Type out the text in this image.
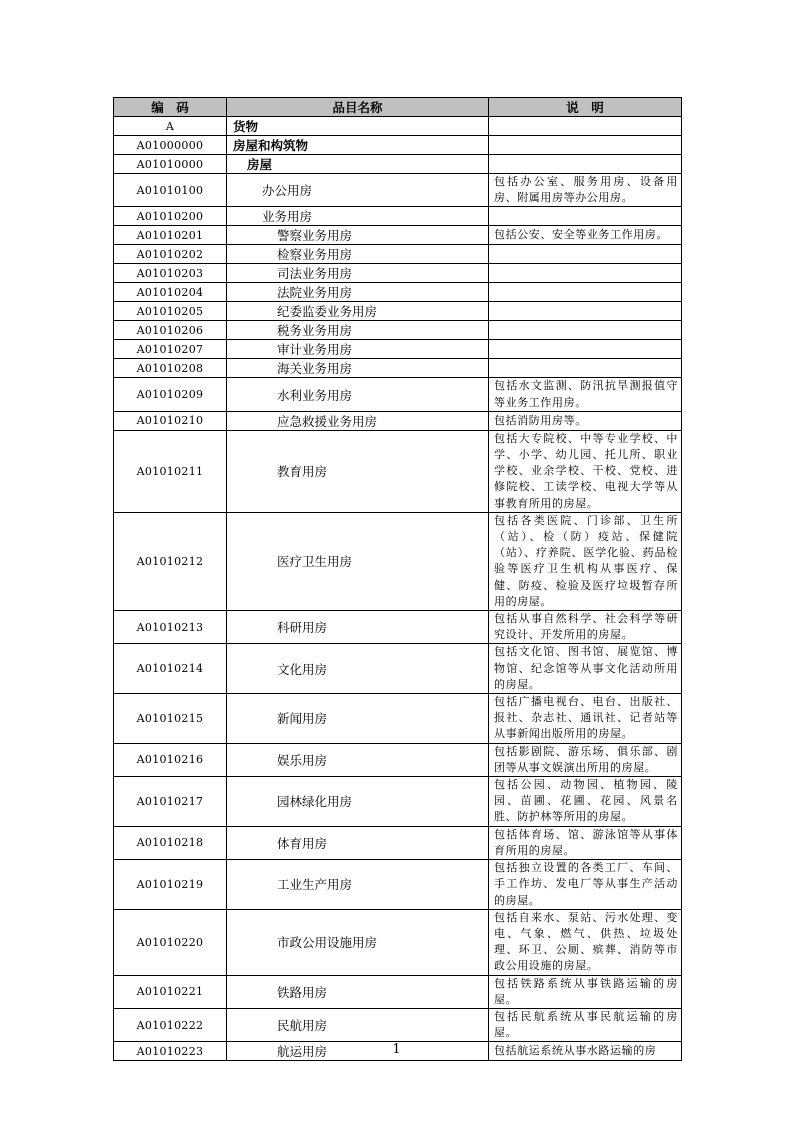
编　码	品目名称	说　明
A	货物	
A01000000	房屋和构筑物	
A01010000	房屋	
A01010100	办公用房	包括办公室、服务用房、设备用房、附属用房等办公用房。
A01010200	业务用房	
A01010201	警察业务用房	包括公安、安全等业务工作用房。
A01010202	检察业务用房	
A01010203	司法业务用房	
A01010204	法院业务用房	
A01010205	纪委监委业务用房	
A01010206	税务业务用房	
A01010207	审计业务用房	
A01010208	海关业务用房	
A01010209	水利业务用房	包括水文监测、防汛抗旱测报值守等业务工作用房。
A01010210	应急救援业务用房	包括消防用房等。
A01010211	教育用房	包括大专院校、中等专业学校、中学、小学、幼儿园、托儿所、职业学校、业余学校、干校、党校、进修院校、工读学校、电视大学等从事教育所用的房屋。
A01010212	医疗卫生用房	包括各类医院、门诊部、卫生所（站）、检（防）疫站、保健院（站）、疗养院、医学化验、药品检验等医疗卫生机构从事医疗、保健、防疫、检验及医疗垃圾暂存所用的房屋。
A01010213	科研用房	包括从事自然科学、社会科学等研究设计、开发所用的房屋。
A01010214	文化用房	包括文化馆、图书馆、展览馆、博物馆、纪念馆等从事文化活动所用的房屋。
A01010215	新闻用房	包括广播电视台、电台、出版社、报社、杂志社、通讯社、记者站等从事新闻出版所用的房屋。
A01010216	娱乐用房	包括影剧院、游乐场、俱乐部、剧团等从事文娱演出所用的房屋。
A01010217	园林绿化用房	包括公园、动物园、植物园、陵园、苗圃、花圃、花园、风景名胜、防护林等所用的房屋。
A01010218	体育用房	包括体育场、馆、游泳馆等从事体育所用的房屋。
A01010219	工业生产用房	包括独立设置的各类工厂、车间、手工作坊、发电厂等从事生产活动的房屋。
A01010220	市政公用设施用房	包括自来水、泵站、污水处理、变电、气象、燃气、供热、垃圾处理、环卫、公厕、殡葬、消防等市政公用设施的房屋。
A01010221	铁路用房	包括铁路系统从事铁路运输的房屋。
A01010222	民航用房	包括民航系统从事民航运输的房屋。
A01010223	航运用房	包括航运系统从事水路运输的房
1
